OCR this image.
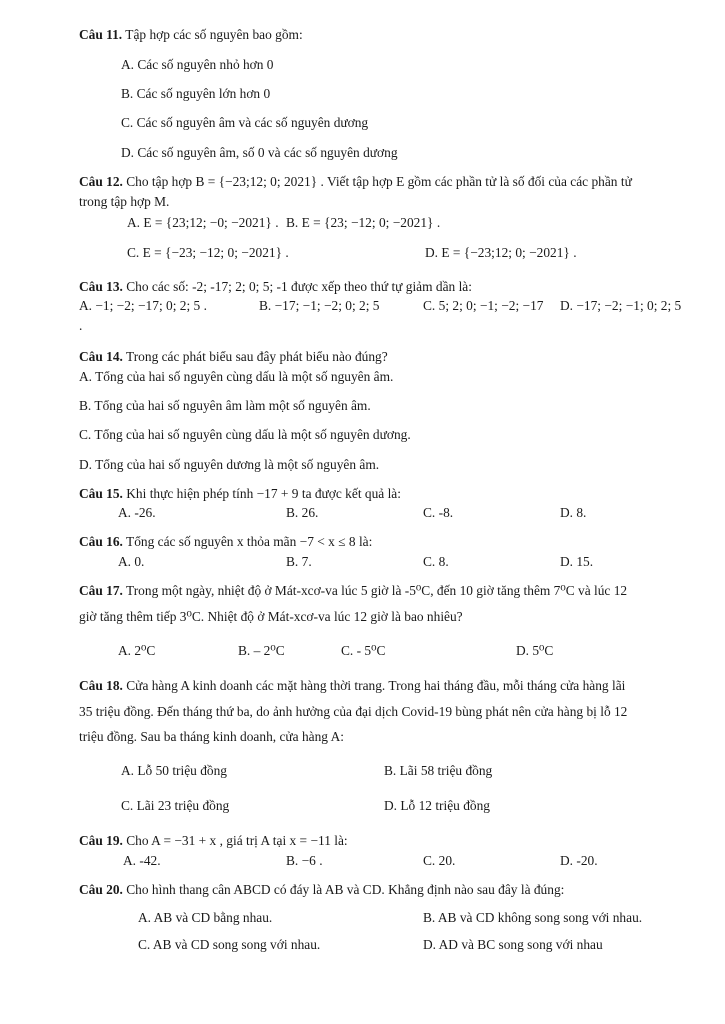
Câu 11. Tập hợp các số nguyên bao gồm:
A. Các số nguyên nhỏ hơn 0
B. Các số nguyên lớn hơn 0
C. Các số nguyên âm và các số nguyên dương
D. Các số nguyên âm, số 0 và các số nguyên dương
Câu 12. Cho tập hợp B = {−23;12; 0; 2021} . Viết tập hợp E gồm các phần tử là số đối của các phần tử
trong tập hợp M.
A. E = {23;12; −0; −2021} . B. E = {23; −12; 0; −2021} .
C. E = {−23; −12; 0; −2021} .	D. E = {−23;12; 0; −2021} .
Câu 13. Cho các số: -2; -17; 2; 0; 5; -1 được xếp theo thứ tự giảm dần là:
A. −1; −2; −17; 0; 2; 5 .	B. −17; −1; −2; 0; 2; 5	C. 5; 2; 0; −1; −2; −17 D. −17; −2; −1; 0; 2; 5
.
Câu 14. Trong các phát biểu sau đây phát biểu nào đúng?
A. Tổng của hai số nguyên cùng dấu là một số nguyên âm.
B. Tổng của hai số nguyên âm làm một số nguyên âm.
C. Tổng của hai số nguyên cùng dấu là một số nguyên dương.
D. Tổng của hai số nguyên dương là một số nguyên âm.
Câu 15. Khi thực hiện phép tính −17 + 9 ta được kết quả là:
A. -26.	B. 26.	C. -8.	D. 8.
Câu 16. Tổng các số nguyên x thỏa mãn −7 < x ≤ 8 là:
A. 0.	B. 7.	C. 8.	D. 15.
Câu 17. Trong một ngày, nhiệt độ ở Mát-xcơ-va lúc 5 giờ là -5⁰C, đến 10 giờ tăng thêm 7⁰C và lúc 12
giờ tăng thêm tiếp 3⁰C. Nhiệt độ ở Mát-xcơ-va lúc 12 giờ là bao nhiêu?
A. 2⁰C	B. – 2⁰C	C. - 5⁰C	D. 5⁰C
Câu 18. Cửa hàng A kinh doanh các mặt hàng thời trang. Trong hai tháng đầu, mỗi tháng cửa hàng lãi
35 triệu đồng. Đến tháng thứ ba, do ảnh hưởng của đại dịch Covid-19 bùng phát nên cửa hàng bị lỗ 12
triệu đồng. Sau ba tháng kinh doanh, cửa hàng A:
A. Lỗ 50 triệu đồng	B. Lãi 58 triệu đồng
C. Lãi 23 triệu đồng	D. Lỗ 12 triệu đồng
Câu 19. Cho A = −31 + x , giá trị A tại x = −11 là:
A. -42.	B. −6 .	C. 20.	D. -20.
Câu 20. Cho hình thang cân ABCD có đáy là AB và CD. Khẳng định nào sau đây là đúng:
A. AB và CD bằng nhau.	B. AB và CD không song song với nhau.
C. AB và CD song song với nhau.	D. AD và BC song song với nhau
